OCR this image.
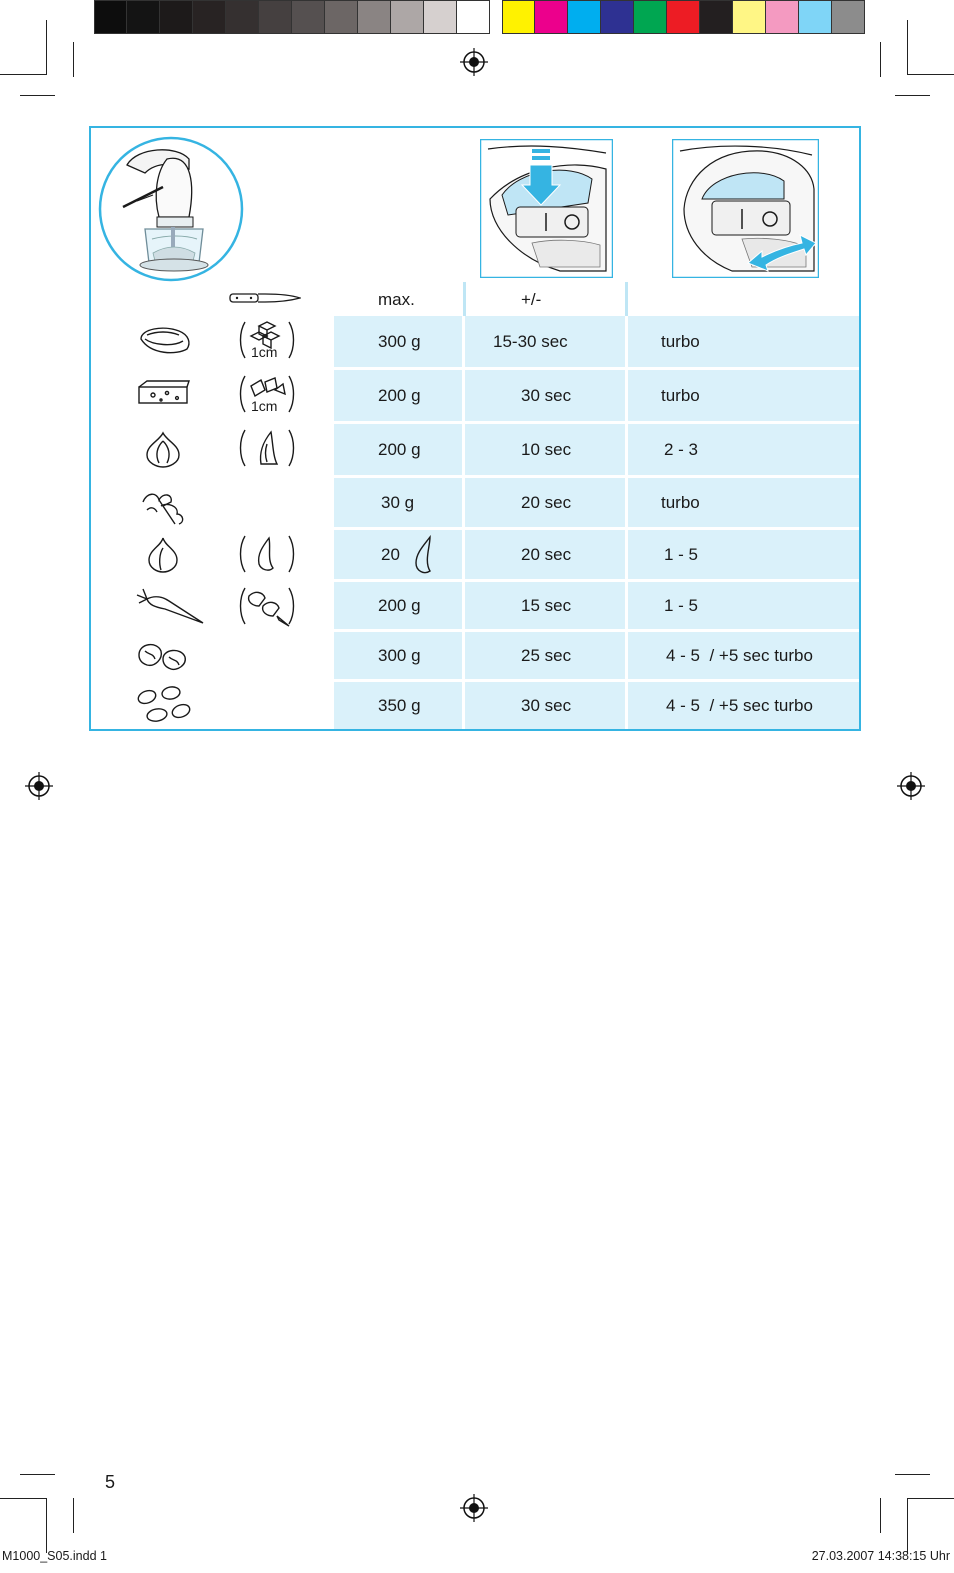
max.	+/-
1cm
300 g	15-30 sec	turbo
1cm
200 g	30 sec	turbo
200 g	10 sec	2 - 3
30 g	20 sec	turbo
20	20 sec	1 - 5
200 g	15 sec	1 - 5
300 g	25 sec	4 - 5  / +5 sec turbo
350 g	30 sec	4 - 5  / +5 sec turbo
5
M1000_S05.indd 1	27.03.2007 14:38:15 Uhr
